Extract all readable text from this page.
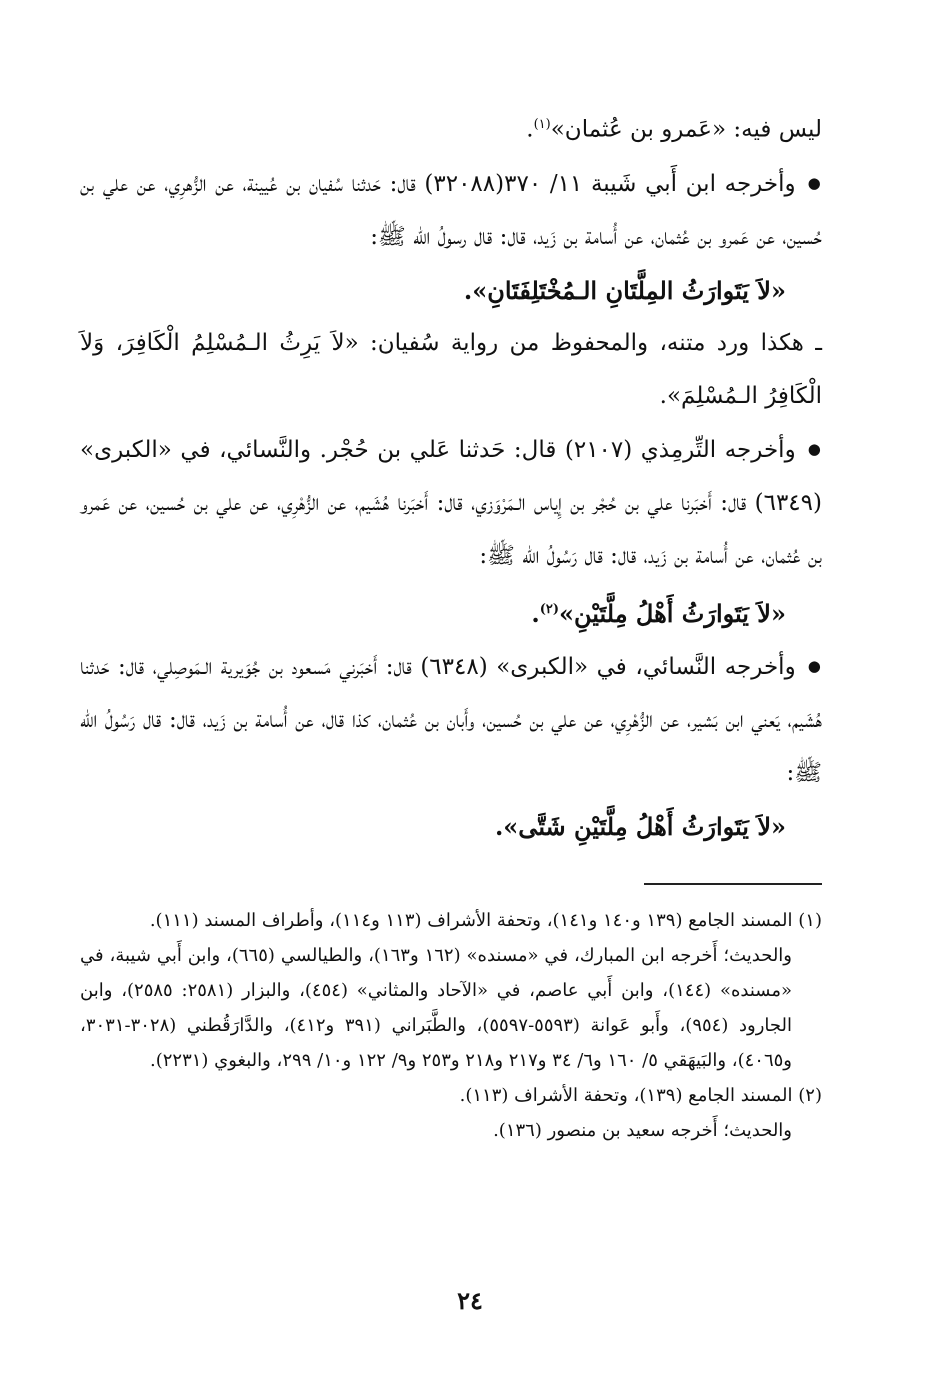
ليس فيه: «عَمرو بن عُثمان»$^{(١)}$.

● وأخرجه ابن أَبي شَيبة ١١/ ٣٧٠(٣٢٠٨٨) قال: حَدثنا سُفيان بن عُيينة، عن الزُّهرِي، عن علي بن حُسين، عن عَمرو بن عُثمان، عن أُسامة بن زَيد، قال: قال رسولُ الله ﷺ:

«لاَ يَتَوارَثُ المِلَّتَانِ الـمُخْتَلِفَتَانِ».

ـ هكذا ورد متنه، والمحفوظ من رواية سُفيان: «لاَ يَرِثُ الـمُسْلِمُ الْكَافِرَ، وَلاَ الْكَافِرُ الـمُسْلِمَ».

● وأخرجه التِّرمِذي (٢١٠٧) قال: حَدثنا عَلي بن حُجْر. والنَّسائي، في «الكبرى» (٦٣٤٩) قال: أَخبَرنا علي بن حُجْر بن إِياس الـمَرْوَزي، قال: أَخبَرنا هُشَيم، عن الزُّهْرِي، عن علي بن حُسين، عن عَمرو بن عُثمان، عن أُسامة بن زَيد، قال: قال رَسُولُ الله ﷺ:

«لاَ يَتَوارَثُ أَهْلُ مِلَّتَيْنِ»$^{(٢)}$.

● وأخرجه النَّسائي، في «الكبرى» (٦٣٤٨) قال: أَخبَرني مَسعود بن جُوَيرية الـمَوصِلي، قال: حَدثنا هُشَيم، يَعني ابن بَشير، عن الزُّهْرِي، عن علي بن حُسين، وأَبان بن عُثمان، كذا قال، عن أُسامة بن زَيد، قال: قال رَسُولُ الله ﷺ:

«لاَ يَتَوارَثُ أَهْلُ مِلَّتَيْنِ شَتَّى».

(١) المسند الجامع (١٣٩ و١٤٠ و١٤١)، وتحفة الأشراف (١١٣ و١١٤)، وأطراف المسند (١١١).

والحديث؛ أَخرجه ابن المبارك، في «مسنده» (١٦٢ و١٦٣)، والطيالسي (٦٦٥)، وابن أَبي شيبة، في «مسنده» (١٤٤)، وابن أَبي عاصم، في «الآحاد والمثاني» (٤٥٤)، والبزار (٢٥٨١: ٢٥٨٥)، وابن الجارود (٩٥٤)، وأَبو عَوانة (٥٥٩٣-٥٥٩٧)، والطَّبَراني (٣٩١ و٤١٢)، والدَّارَقُطني (٣٠٢٨-٣٠٣١، و٤٠٦٥)، والبَيهَقي ٥/ ١٦٠ و٦/ ٣٤ و٢١٧ و٢١٨ و٢٥٣ و٩/ ١٢٢ و١٠/ ٢٩٩، والبغوي (٢٢٣١).

(٢) المسند الجامع (١٣٩)، وتحفة الأشراف (١١٣).

والحديث؛ أَخرجه سعيد بن منصور (١٣٦).

٢٤
